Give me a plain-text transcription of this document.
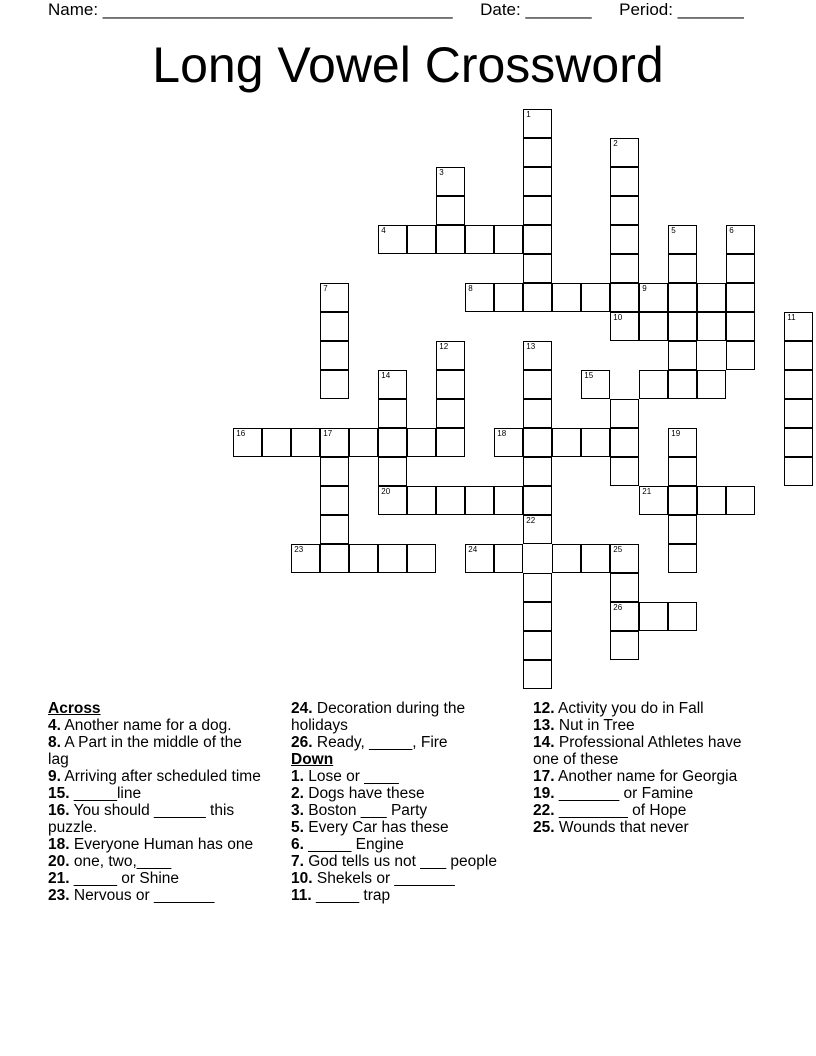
Name: _____________________________________ Date: _______ Period: _______
Long Vowel Crossword
1
2
3
4	5	6
7	8	9
10	11
12	13
14	15
16	17	18	19
20	21
22
23	24	25
26
Across
4. Another name for a dog.
8. A Part in the middle of the lag
9. Arriving after scheduled time
15. _____line
16. You should ______ this puzzle.
18. Everyone Human has one
20. one, two,____
21. _____ or Shine
23. Nervous or _______
24. Decoration during the holidays
26. Ready, _____, Fire
Down
1. Lose or ____
2. Dogs have these
3. Boston ___ Party
5. Every Car has these
6. _____ Engine
7. God tells us not ___ people
10. Shekels or _______
11. _____ trap
12. Activity you do in Fall
13. Nut in Tree
14. Professional Athletes have one of these
17. Another name for Georgia
19. _______ or Famine
22. ________ of Hope
25. Wounds that never
